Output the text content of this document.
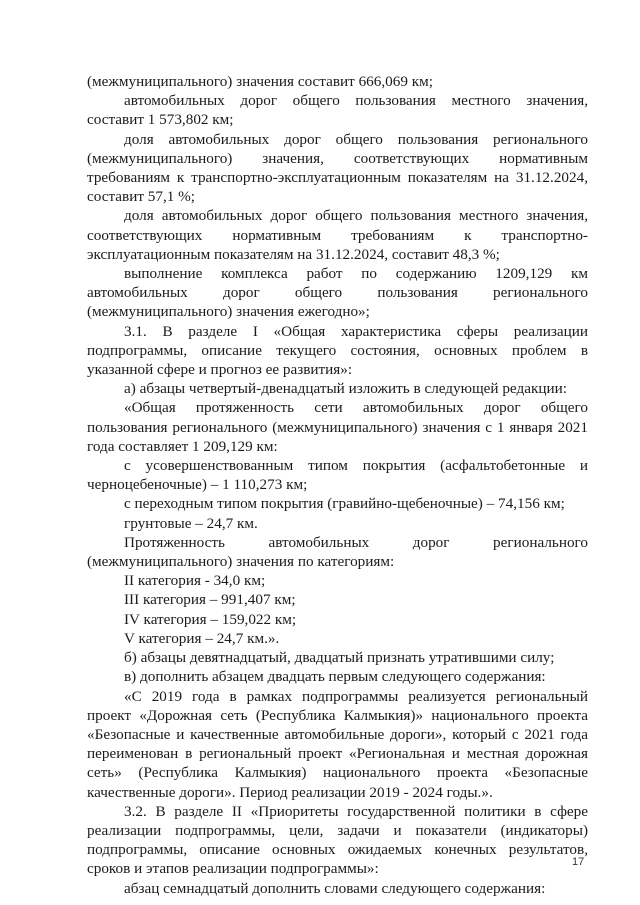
(межмуниципального) значения составит 666,069 км;

автомобильных дорог общего пользования местного значения, составит 1 573,802 км;

доля автомобильных дорог общего пользования регионального (межмуниципального) значения, соответствующих нормативным требованиям к транспортно-эксплуатационным показателям на 31.12.2024, составит 57,1 %;

доля автомобильных дорог общего пользования местного значения, соответствующих нормативным требованиям к транспортно-эксплуатационным показателям на 31.12.2024, составит 48,3 %;

выполнение комплекса работ по содержанию 1209,129 км автомобильных дорог общего пользования регионального (межмуниципального) значения ежегодно»;

3.1. В разделе I «Общая характеристика сферы реализации подпрограммы, описание текущего состояния, основных проблем в указанной сфере и прогноз ее развития»:

а) абзацы четвертый-двенадцатый изложить в следующей редакции:

«Общая протяженность сети автомобильных дорог общего пользования регионального (межмуниципального) значения с 1 января 2021 года составляет 1 209,129 км:

с усовершенствованным типом покрытия (асфальтобетонные и черноцебеночные) – 1 110,273 км;

с переходным типом покрытия (гравийно-щебеночные) – 74,156 км;

грунтовые – 24,7 км.

Протяженность автомобильных дорог регионального (межмуниципального) значения по категориям:

II категория - 34,0 км;

III категория – 991,407 км;

IV категория – 159,022 км;

V категория – 24,7 км.».

б) абзацы девятнадцатый, двадцатый признать утратившими силу;

в) дополнить абзацем двадцать первым следующего содержания:

«С 2019 года в рамках подпрограммы реализуется региональный проект «Дорожная сеть (Республика Калмыкия)» национального проекта «Безопасные и качественные автомобильные дороги», который с 2021 года переименован в региональный проект «Региональная и местная дорожная сеть» (Республика Калмыкия) национального проекта «Безопасные качественные дороги». Период реализации 2019 - 2024 годы.».

3.2. В разделе II «Приоритеты государственной политики в сфере реализации подпрограммы, цели, задачи и показатели (индикаторы) подпрограммы, описание основных ожидаемых конечных результатов, сроков и этапов реализации подпрограммы»:

абзац семнадцатый дополнить словами следующего содержания:

17
